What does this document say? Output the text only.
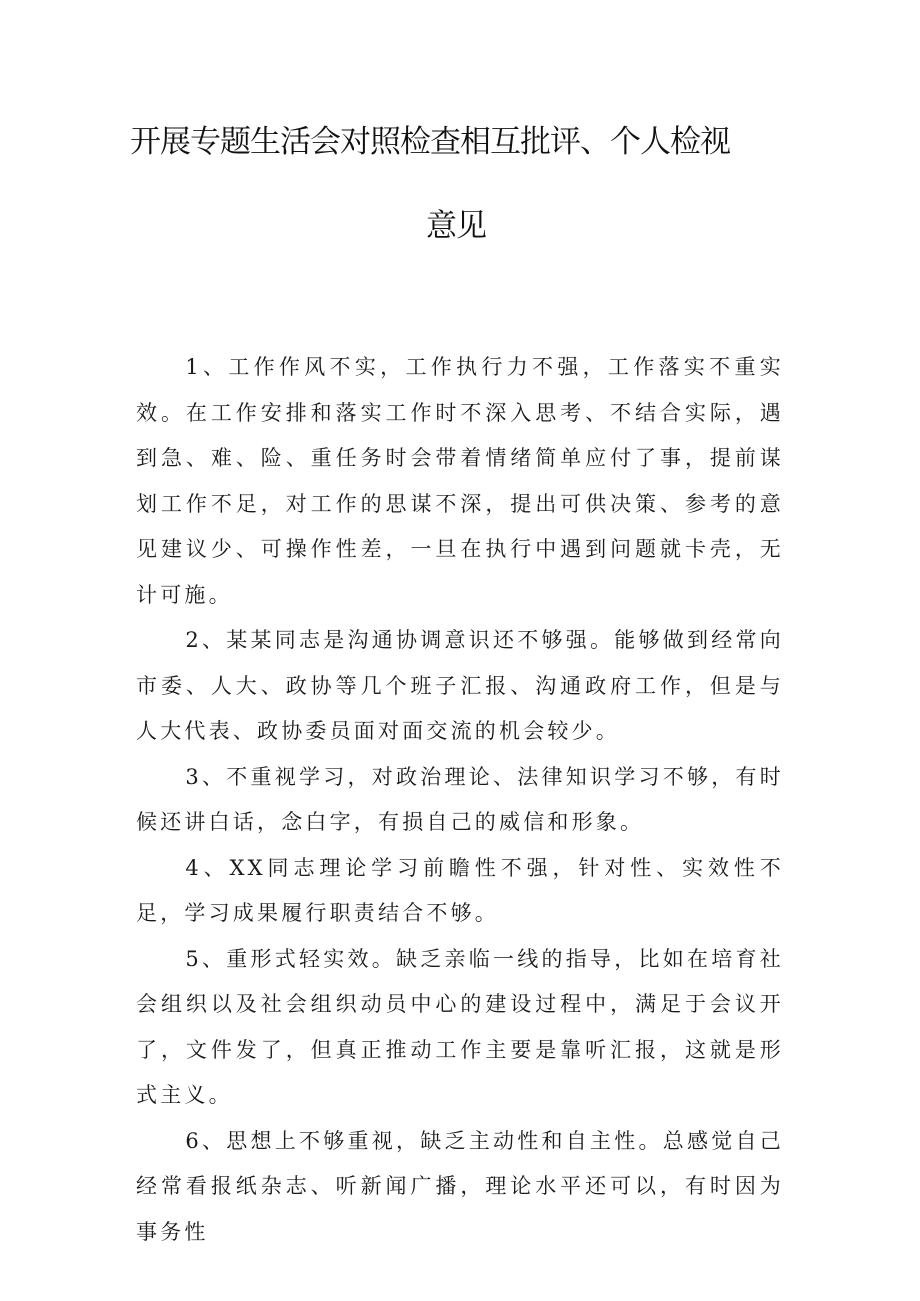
开展专题生活会对照检查相互批评、个人检视
意见

1、工作作风不实，工作执行力不强，工作落实不重实效。在工作安排和落实工作时不深入思考、不结合实际，遇到急、难、险、重任务时会带着情绪简单应付了事，提前谋划工作不足，对工作的思谋不深，提出可供决策、参考的意见建议少、可操作性差，一旦在执行中遇到问题就卡壳，无计可施。

2、某某同志是沟通协调意识还不够强。能够做到经常向市委、人大、政协等几个班子汇报、沟通政府工作，但是与人大代表、政协委员面对面交流的机会较少。

3、不重视学习，对政治理论、法律知识学习不够，有时候还讲白话，念白字，有损自己的威信和形象。

4、XX同志理论学习前瞻性不强，针对性、实效性不足，学习成果履行职责结合不够。

5、重形式轻实效。缺乏亲临一线的指导，比如在培育社会组织以及社会组织动员中心的建设过程中，满足于会议开了，文件发了，但真正推动工作主要是靠听汇报，这就是形式主义。

6、思想上不够重视，缺乏主动性和自主性。总感觉自己经常看报纸杂志、听新闻广播，理论水平还可以，有时因为事务性
